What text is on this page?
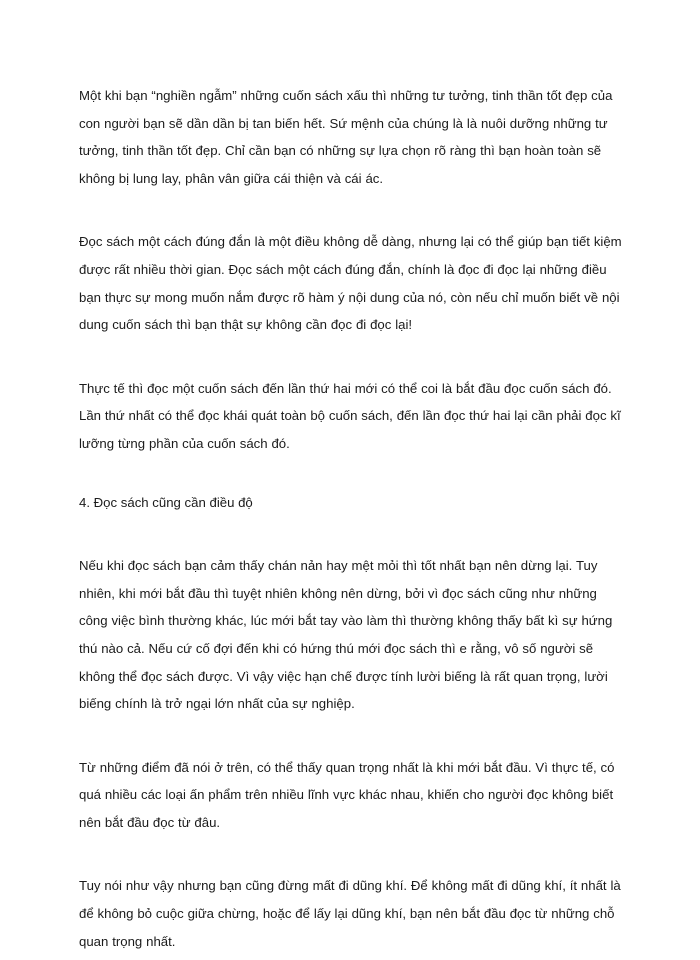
Một khi bạn “nghiền ngẫm” những cuốn sách xấu thì những tư tưởng, tinh thần tốt đẹp của con người bạn sẽ dần dần bị tan biến hết. Sứ mệnh của chúng là là nuôi dưỡng những tư tưởng, tinh thần tốt đẹp. Chỉ cần bạn có những sự lựa chọn rõ ràng thì bạn hoàn toàn sẽ không bị lung lay, phân vân giữa cái thiện và cái ác.

Đọc sách một cách đúng đắn là một điều không dễ dàng, nhưng lại có thể giúp bạn tiết kiệm được rất nhiều thời gian. Đọc sách một cách đúng đắn, chính là đọc đi đọc lại những điều bạn thực sự mong muốn nắm được rõ hàm ý nội dung của nó, còn nếu chỉ muốn biết về nội dung cuốn sách thì bạn thật sự không cần đọc đi đọc lại!

Thực tế thì đọc một cuốn sách đến lần thứ hai mới có thể coi là bắt đầu đọc cuốn sách đó. Lần thứ nhất có thể đọc khái quát toàn bộ cuốn sách, đến lần đọc thứ hai lại cần phải đọc kĩ lưỡng từng phần của cuốn sách đó.

4. Đọc sách cũng cần điều độ

Nếu khi đọc sách bạn cảm thấy chán nản hay mệt mỏi thì tốt nhất bạn nên dừng lại. Tuy nhiên, khi mới bắt đầu thì tuyệt nhiên không nên dừng, bởi vì đọc sách cũng như những công việc bình thường khác, lúc mới bắt tay vào làm thì thường không thấy bất kì sự hứng thú nào cả. Nếu cứ cố đợi đến khi có hứng thú mới đọc sách thì e rằng, vô số người sẽ không thể đọc sách được. Vì vậy việc hạn chế được tính lười biếng là rất quan trọng, lười biếng chính là trở ngại lớn nhất của sự nghiệp.

Từ những điểm đã nói ở trên, có thể thấy quan trọng nhất là khi mới bắt đầu. Vì thực tế, có quá nhiều các loại ấn phẩm trên nhiều lĩnh vực khác nhau, khiến cho người đọc không biết nên bắt đầu đọc từ đâu.

Tuy nói như vậy nhưng bạn cũng đừng mất đi dũng khí. Để không mất đi dũng khí, ít nhất là để không bỏ cuộc giữa chừng, hoặc để lấy lại dũng khí, bạn nên bắt đầu đọc từ những chỗ quan trọng nhất.
